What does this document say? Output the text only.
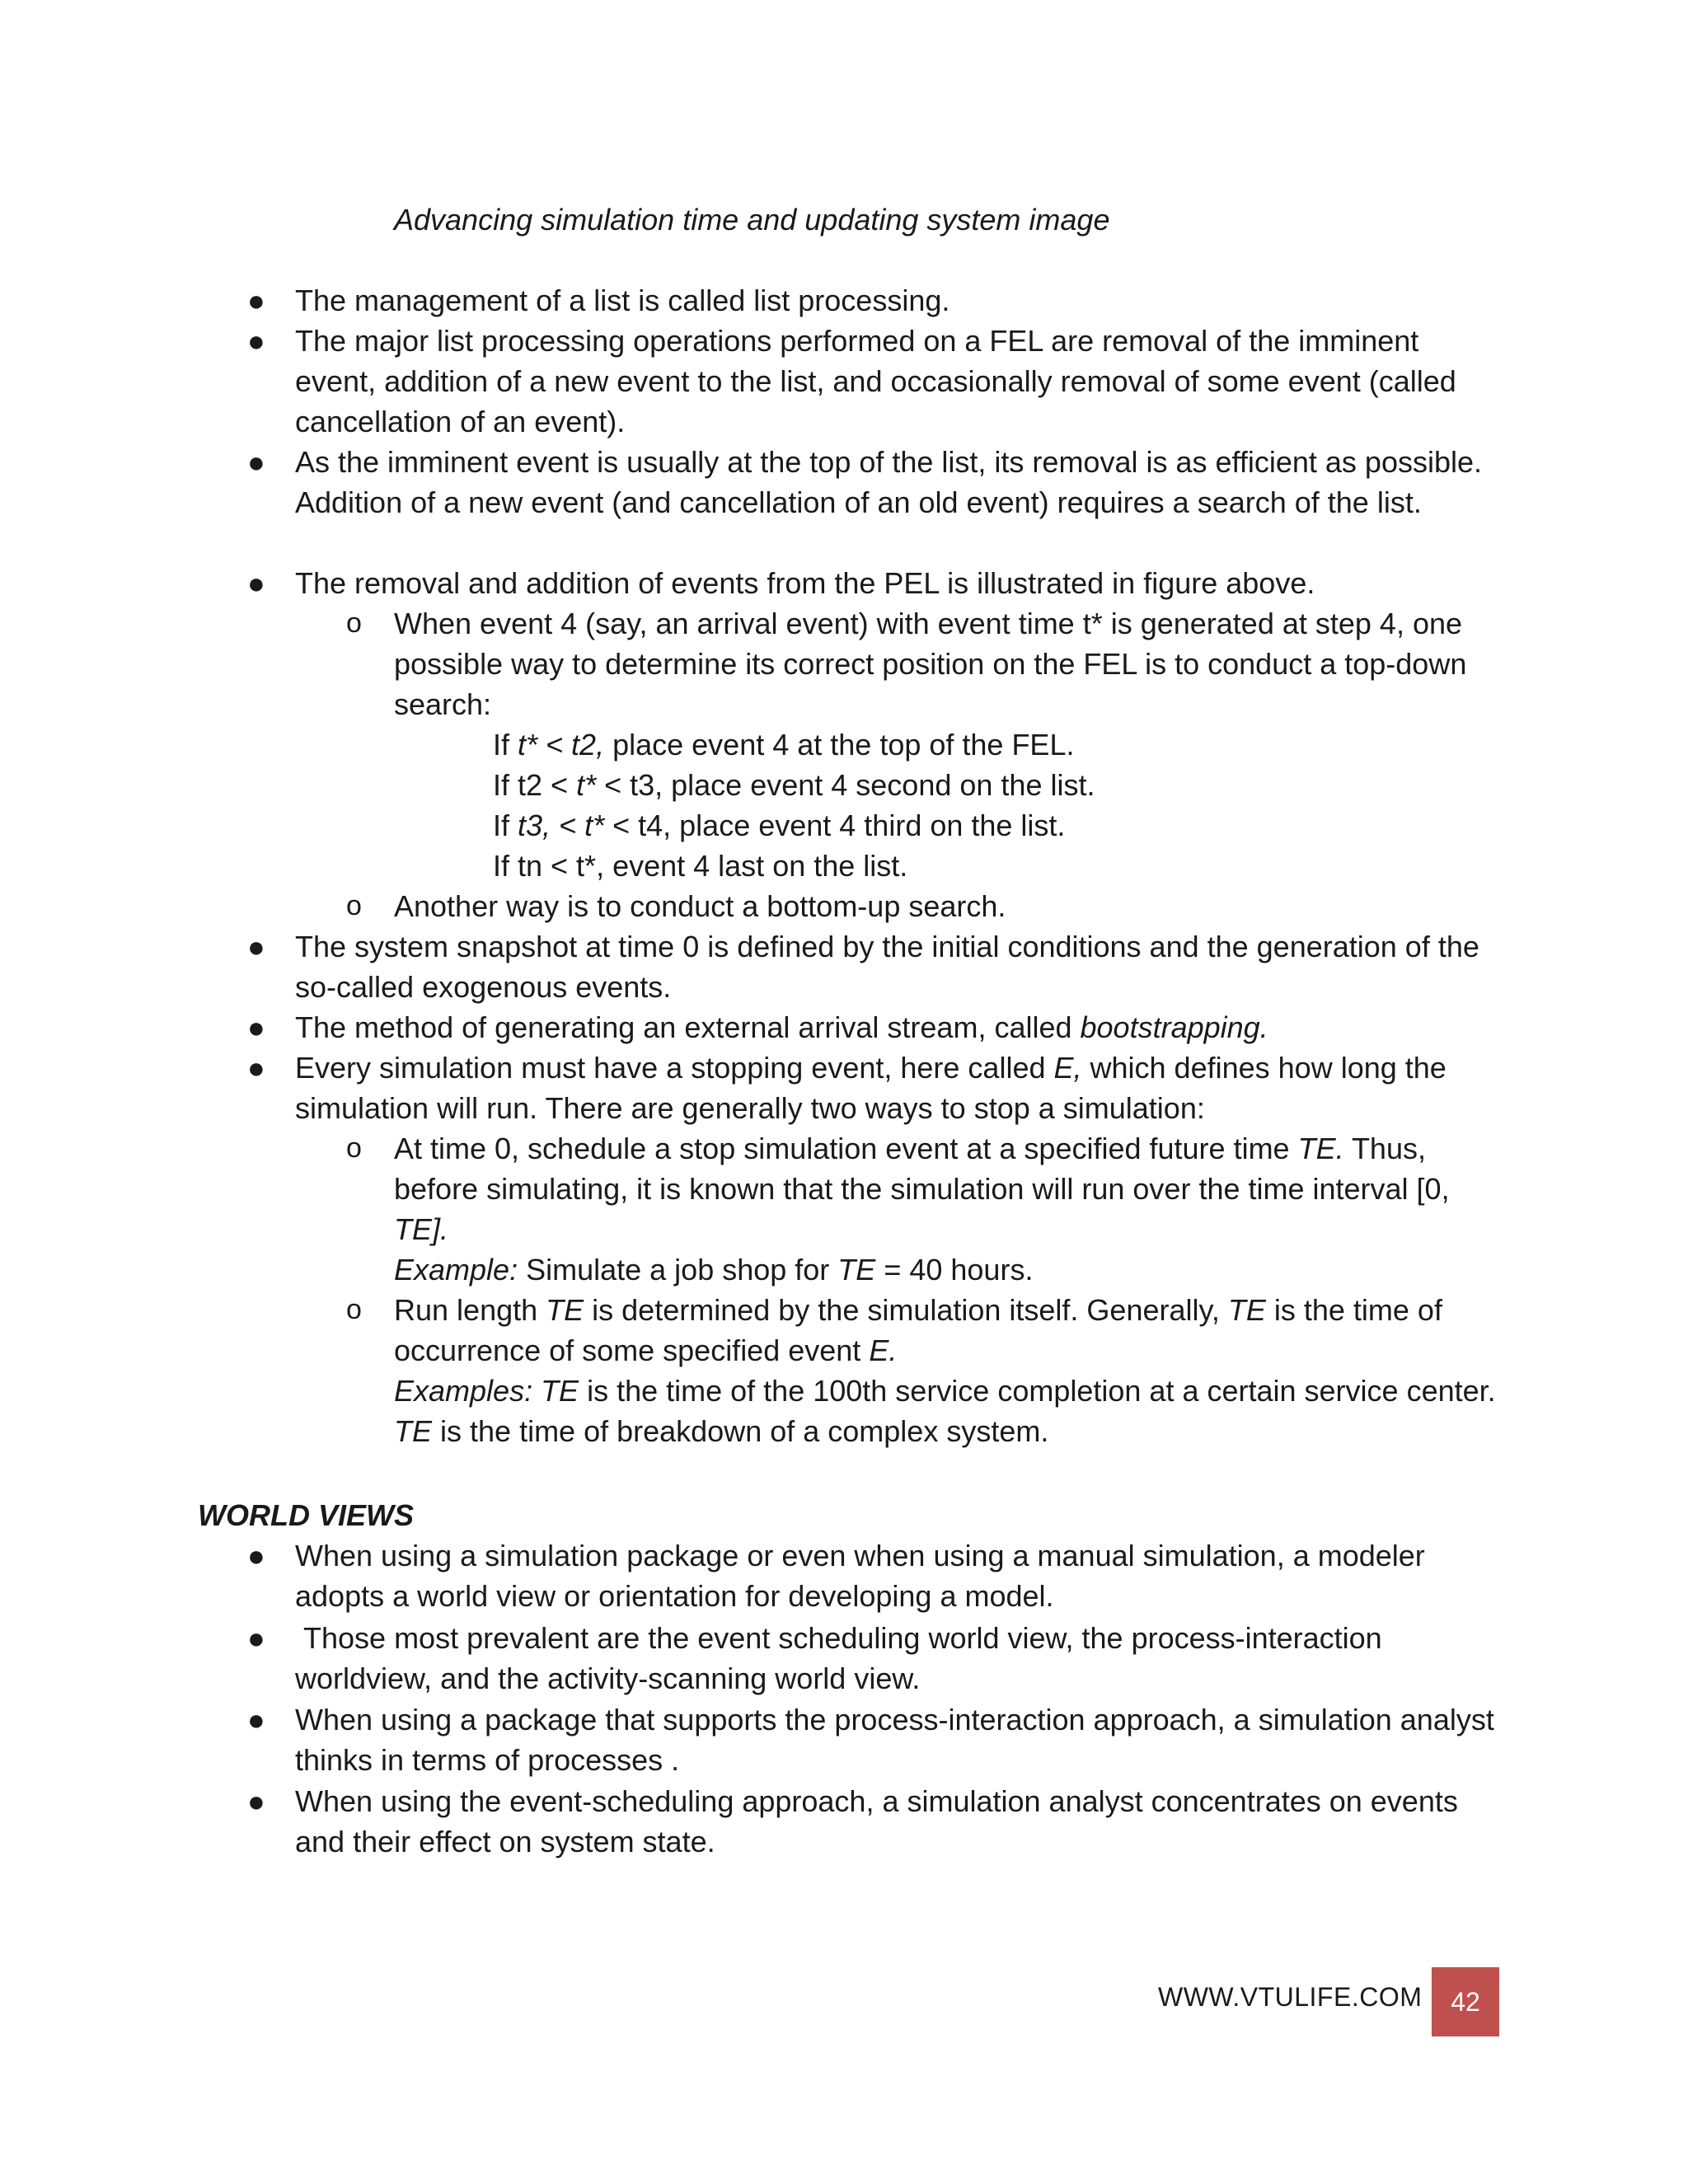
Advancing simulation time and updating system image
● The management of a list is called list processing.
● The major list processing operations performed on a FEL are removal of the imminent event, addition of a new event to the list, and occasionally removal of some event (called cancellation of an event).
● As the imminent event is usually at the top of the list, its removal is as efficient as possible. Addition of a new event (and cancellation of an old event) requires a search of the list.
● The removal and addition of events from the PEL is illustrated in figure above.
o When event 4 (say, an arrival event) with event time t* is generated at step 4, one possible way to determine its correct position on the FEL is to conduct a top-down search:
If t* < t2, place event 4 at the top of the FEL.
If t2 < t* < t3, place event 4 second on the list.
If t3, < t* < t4, place event 4 third on the list.
If tn < t*, event 4 last on the list.
o Another way is to conduct a bottom-up search.
● The system snapshot at time 0 is defined by the initial conditions and the generation of the so-called exogenous events.
● The method of generating an external arrival stream, called bootstrapping.
● Every simulation must have a stopping event, here called E, which defines how long the simulation will run. There are generally two ways to stop a simulation:
o At time 0, schedule a stop simulation event at a specified future time TE. Thus, before simulating, it is known that the simulation will run over the time interval [0, TE].
Example: Simulate a job shop for TE = 40 hours.
o Run length TE is determined by the simulation itself. Generally, TE is the time of occurrence of some specified event E.
Examples: TE is the time of the 100th service completion at a certain service center. TE is the time of breakdown of a complex system.
WORLD VIEWS
● When using a simulation package or even when using a manual simulation, a modeler adopts a world view or orientation for developing a model.
● Those most prevalent are the event scheduling world view, the process-interaction worldview, and the activity-scanning world view.
● When using a package that supports the process-interaction approach, a simulation analyst thinks in terms of processes .
● When using the event-scheduling approach, a simulation analyst concentrates on events and their effect on system state.
WWW.VTULIFE.COM	42
